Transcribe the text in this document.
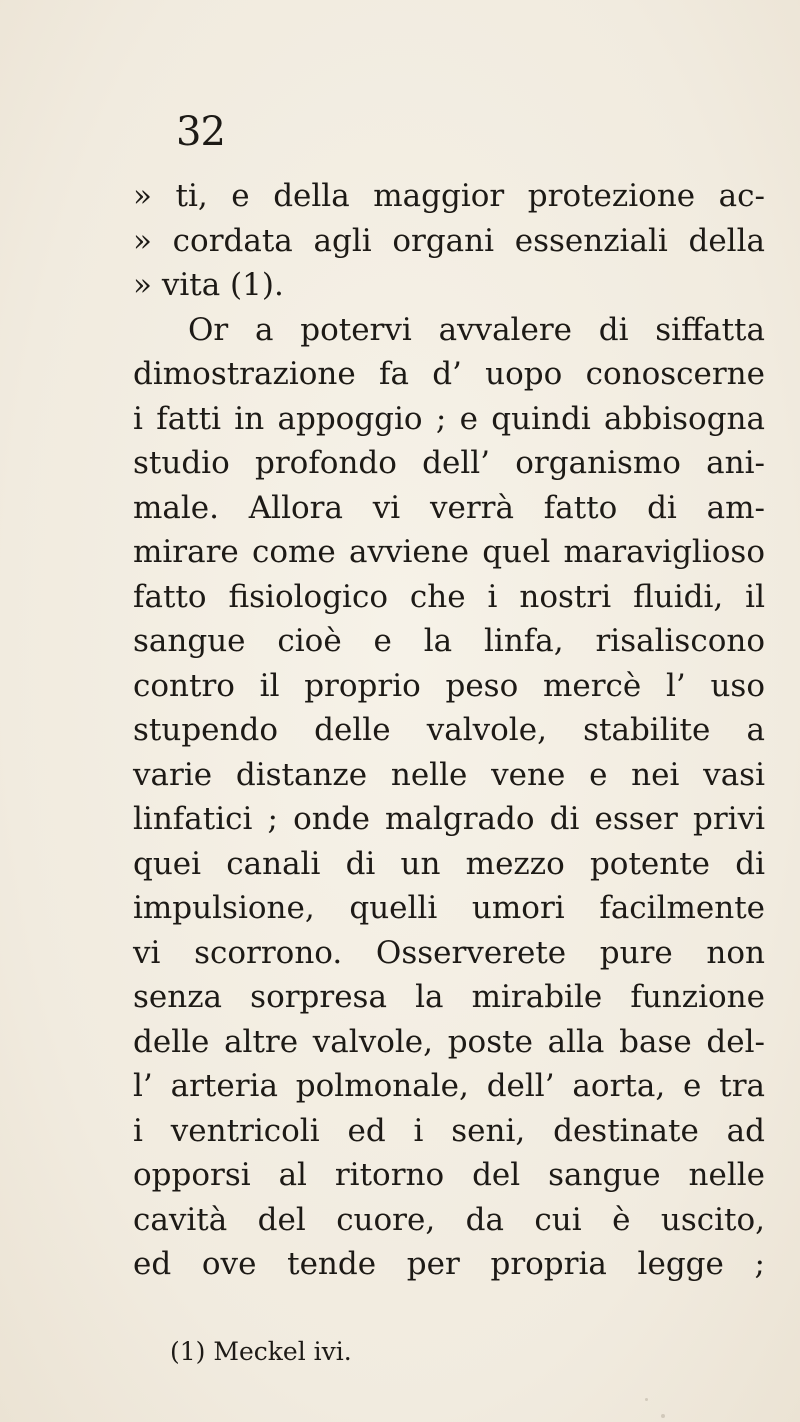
32
» ti, e della maggior protezione ac-
» cordata agli organi essenziali della
» vita (1).
Or a potervi avvalere di siffatta
dimostrazione fa d’ uopo conoscerne
i fatti in appoggio ; e quindi abbisogna
studio profondo dell’ organismo ani-
male. Allora vi verrà fatto di am-
mirare come avviene quel maraviglioso
fatto fisiologico che i nostri fluidi, il
sangue cioè e la linfa, risaliscono
contro il proprio peso mercè l’ uso
stupendo delle valvole, stabilite a
varie distanze nelle vene e nei vasi
linfatici ; onde malgrado di esser privi
quei canali di un mezzo potente di
impulsione, quelli umori facilmente
vi scorrono. Osserverete pure non
senza sorpresa la mirabile funzione
delle altre valvole, poste alla base del-
l’ arteria polmonale, dell’ aorta, e tra
i ventricoli ed i seni, destinate ad
opporsi al ritorno del sangue nelle
cavità del cuore, da cui è uscito,
ed ove tende per propria legge ;
(1) Meckel ivi.
